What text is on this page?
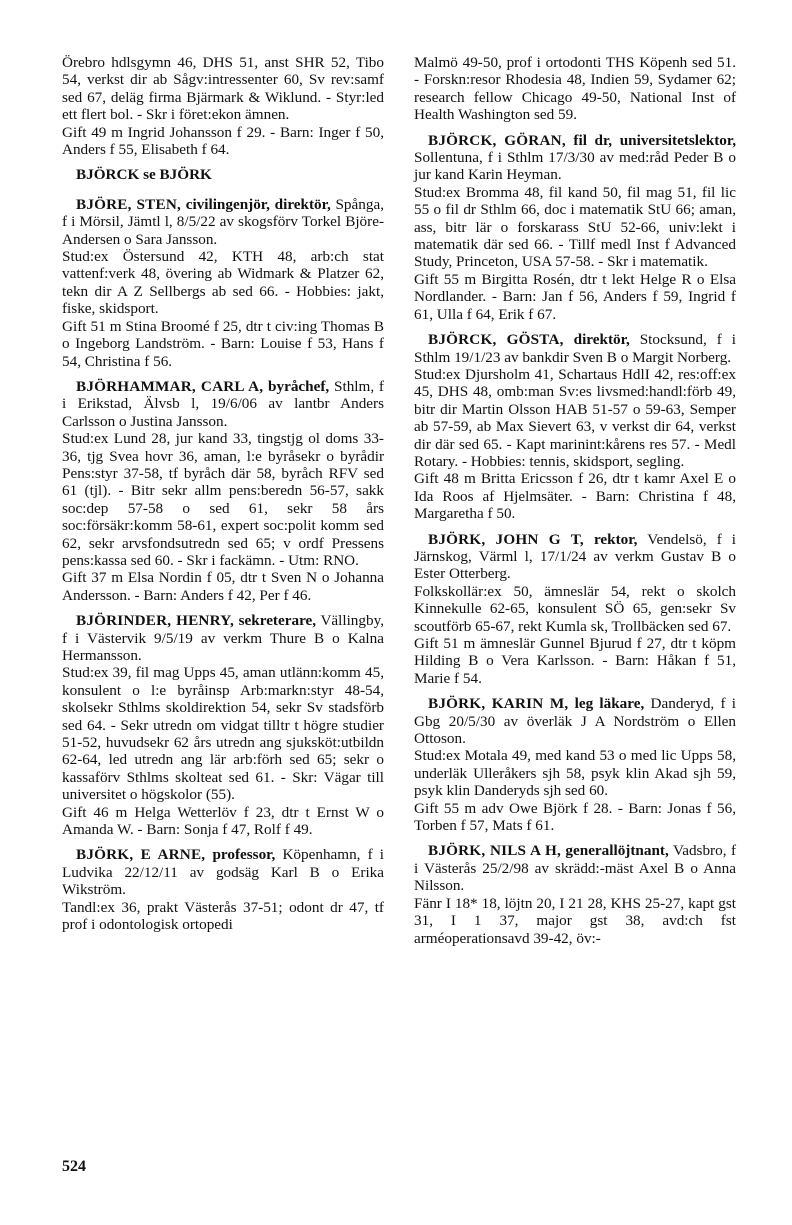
Örebro hdlsgymn 46, DHS 51, anst SHR 52, Tibo 54, verkst dir ab Sågv:intressenter 60, Sv rev:samf sed 67, deläg firma Bjärmark & Wiklund. - Styr:led ett flert bol. - Skr i föret:ekon ämnen.

Gift 49 m Ingrid Johansson f 29. - Barn: Inger f 50, Anders f 55, Elisabeth f 64.

BJÖRCK se BJÖRK

BJÖRE, STEN, civilingenjör, direktör, Spånga, f i Mörsil, Jämtl l, 8/5/22 av skogsförv Torkel Björe-Andersen o Sara Jansson.

Stud:ex Östersund 42, KTH 48, arb:ch stat vattenf:verk 48, övering ab Widmark & Platzer 62, tekn dir A Z Sellbergs ab sed 66. - Hobbies: jakt, fiske, skidsport.

Gift 51 m Stina Broomé f 25, dtr t civ:ing Thomas B o Ingeborg Landström. - Barn: Louise f 53, Hans f 54, Christina f 56.

BJÖRHAMMAR, CARL A, byråchef, Sthlm, f i Erikstad, Älvsb l, 19/6/06 av lantbr Anders Carlsson o Justina Jansson.

Stud:ex Lund 28, jur kand 33, tingstjg ol doms 33-36, tjg Svea hovr 36, aman, l:e byråsekr o byrådir Pens:styr 37-58, tf byråch där 58, byråch RFV sed 61 (tjl). - Bitr sekr allm pens:beredn 56-57, sakk soc:dep 57-58 o sed 61, sekr 58 års soc:försäkr:komm 58-61, expert soc:polit komm sed 62, sekr arvsfondsutredn sed 65; v ordf Pressens pens:kassa sed 60. - Skr i fackämn. - Utm: RNO.

Gift 37 m Elsa Nordin f 05, dtr t Sven N o Johanna Andersson. - Barn: Anders f 42, Per f 46.

BJÖRINDER, HENRY, sekreterare, Vällingby, f i Västervik 9/5/19 av verkm Thure B o Kalna Hermansson.

Stud:ex 39, fil mag Upps 45, aman utlänn:komm 45, konsulent o l:e byråinsp Arb:markn:styr 48-54, skolsekr Sthlms skoldirektion 54, sekr Sv stadsförb sed 64. - Sekr utredn om vidgat tilltr t högre studier 51-52, huvudsekr 62 års utredn ang sjuksköt:utbildn 62-64, led utredn ang lär arb:förh sed 65; sekr o kassaförv Sthlms skolteat sed 61. - Skr: Vägar till universitet o högskolor (55).

Gift 46 m Helga Wetterlöv f 23, dtr t Ernst W o Amanda W. - Barn: Sonja f 47, Rolf f 49.

BJÖRK, E ARNE, professor, Köpenhamn, f i Ludvika 22/12/11 av godsäg Karl B o Erika Wikström.

Tandl:ex 36, prakt Västerås 37-51; odont dr 47, tf prof i odontologisk ortopedi

Malmö 49-50, prof i ortodonti THS Köpenh sed 51. - Forskn:resor Rhodesia 48, Indien 59, Sydamer 62; research fellow Chicago 49-50, National Inst of Health Washington sed 59.

BJÖRCK, GÖRAN, fil dr, universitetslektor, Sollentuna, f i Sthlm 17/3/30 av med:råd Peder B o jur kand Karin Heyman.

Stud:ex Bromma 48, fil kand 50, fil mag 51, fil lic 55 o fil dr Sthlm 66, doc i matematik StU 66; aman, ass, bitr lär o forskarass StU 52-66, univ:lekt i matematik där sed 66. - Tillf medl Inst f Advanced Study, Princeton, USA 57-58. - Skr i matematik.

Gift 55 m Birgitta Rosén, dtr t lekt Helge R o Elsa Nordlander. - Barn: Jan f 56, Anders f 59, Ingrid f 61, Ulla f 64, Erik f 67.

BJÖRCK, GÖSTA, direktör, Stocksund, f i Sthlm 19/1/23 av bankdir Sven B o Margit Norberg.

Stud:ex Djursholm 41, Schartaus HdlI 42, res:off:ex 45, DHS 48, omb:man Sv:es livsmed:handl:förb 49, bitr dir Martin Olsson HAB 51-57 o 59-63, Semper ab 57-59, ab Max Sievert 63, v verkst dir 64, verkst dir där sed 65. - Kapt marinint:kårens res 57. - Medl Rotary. - Hobbies: tennis, skidsport, segling.

Gift 48 m Britta Ericsson f 26, dtr t kamr Axel E o Ida Roos af Hjelmsäter. - Barn: Christina f 48, Margaretha f 50.

BJÖRK, JOHN G T, rektor, Vendelsö, f i Järnskog, Värml l, 17/1/24 av verkm Gustav B o Ester Otterberg.

Folkskollär:ex 50, ämneslär 54, rekt o skolch Kinnekulle 62-65, konsulent SÖ 65, gen:sekr Sv scoutförb 65-67, rekt Kumla sk, Trollbäcken sed 67.

Gift 51 m ämneslär Gunnel Bjurud f 27, dtr t köpm Hilding B o Vera Karlsson. - Barn: Håkan f 51, Marie f 54.

BJÖRK, KARIN M, leg läkare, Danderyd, f i Gbg 20/5/30 av överläk J A Nordström o Ellen Ottoson.

Stud:ex Motala 49, med kand 53 o med lic Upps 58, underläk Ulleråkers sjh 58, psyk klin Akad sjh 59, psyk klin Danderyds sjh sed 60.

Gift 55 m adv Owe Björk f 28. - Barn: Jonas f 56, Torben f 57, Mats f 61.

BJÖRK, NILS A H, generallöjtnant, Vadsbro, f i Västerås 25/2/98 av skrädd:-mäst Axel B o Anna Nilsson.

Fänr I 18* 18, löjtn 20, I 21 28, KHS 25-27, kapt gst 31, I 1 37, major gst 38, avd:ch fst arméoperationsavd 39-42, öv:-

524
